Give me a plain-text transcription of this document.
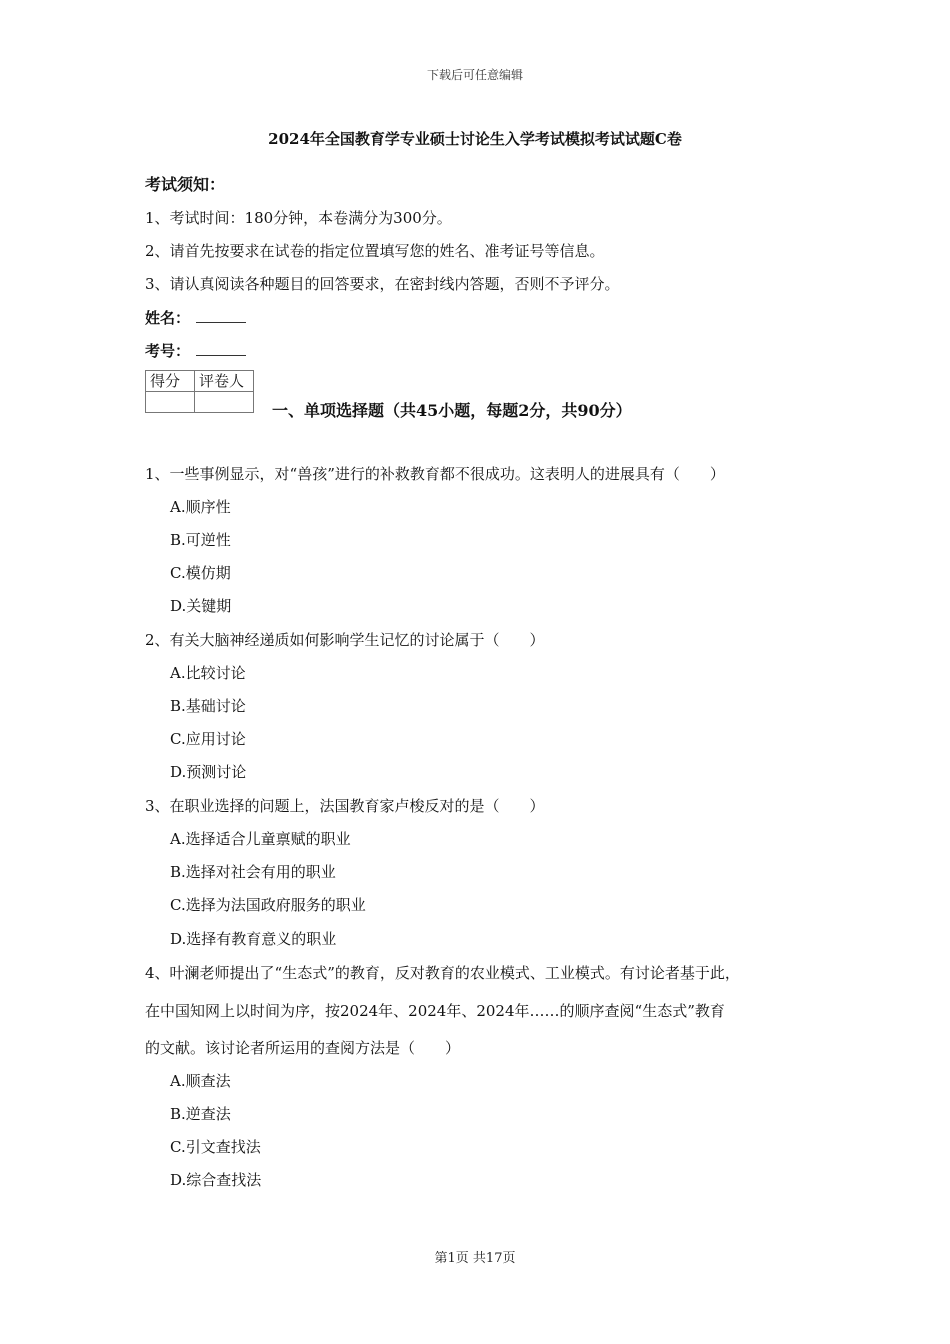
下载后可任意编辑
2024年全国教育学专业硕士讨论生入学考试模拟考试试题C卷
考试须知：
1、考试时间：180分钟，本卷满分为300分。
2、请首先按要求在试卷的指定位置填写您的姓名、准考证号等信息。
3、请认真阅读各种题目的回答要求，在密封线内答题，否则不予评分。
姓名：
考号：
得分	评卷人

一、单项选择题（共45小题，每题2分，共90分）
1、一些事例显示，对“兽孩”进行的补救教育都不很成功。这表明人的进展具有（　　）
A.顺序性
B.可逆性
C.模仿期
D.关键期
2、有关大脑神经递质如何影响学生记忆的讨论属于（　　）
A.比较讨论
B.基础讨论
C.应用讨论
D.预测讨论
3、在职业选择的问题上，法国教育家卢梭反对的是（　　）
A.选择适合儿童禀赋的职业
B.选择对社会有用的职业
C.选择为法国政府服务的职业
D.选择有教育意义的职业
4、叶澜老师提出了“生态式”的教育，反对教育的农业模式、工业模式。有讨论者基于此，
在中国知网上以时间为序，按2024年、2024年、2024年……的顺序查阅“生态式”教育
的文献。该讨论者所运用的查阅方法是（　　）
A.顺查法
B.逆查法
C.引文查找法
D.综合查找法
第1页 共17页
